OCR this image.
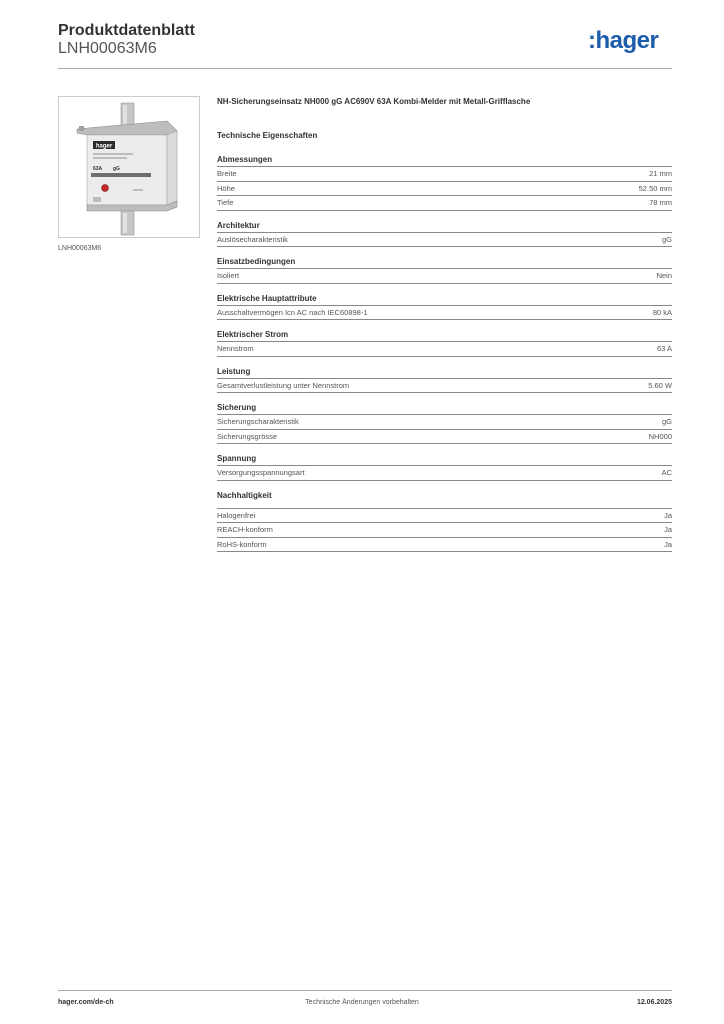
Produktdatenblatt
LNH00063M6	:hager
hager
63A gG
LNH00063M6
NH-Sicherungseinsatz NH000 gG AC690V 63A Kombi-Melder mit Metall-Grifflasche
Technische Eigenschaften
Abmessungen
Breite	21 mm
Höhe	52.50 mm
Tiefe	78 mm
Architektur
Auslösecharakteristik	gG
Einsatzbedingungen
Isoliert	Nein
Elektrische Hauptattribute
Ausschaltvermögen Icn AC nach IEC60898-1	80 kA
Elektrischer Strom
Nennstrom	63 A
Leistung
Gesamtverlustleistung unter Nennstrom	5.60 W
Sicherung
Sicherungscharakteristik	gG
Sicherungsgrösse	NH000
Spannung
Versorgungsspannungsart	AC
Nachhaltigkeit
Halogenfrei	Ja
REACH-konform	Ja
RoHS-konform	Ja
hager.com/de-ch	Technische Änderungen vorbehalten	12.06.2025
